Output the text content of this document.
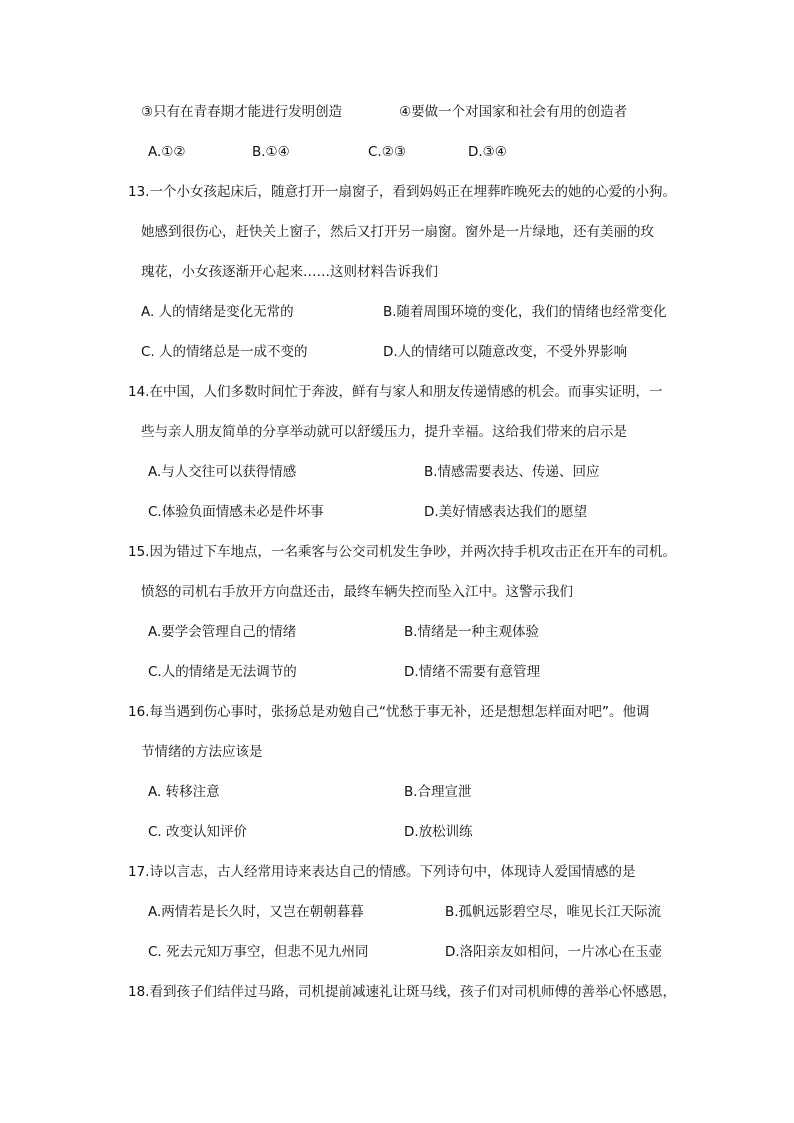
③只有在青春期才能进行发明创造	④要做一个对国家和社会有用的创造者
A.①②	B.①④	C.②③	D.③④
13.一个小女孩起床后，随意打开一扇窗子，看到妈妈正在埋葬昨晚死去的她的心爱的小狗。
她感到很伤心，赶快关上窗子，然后又打开另一扇窗。窗外是一片绿地，还有美丽的玫
瑰花，小女孩逐渐开心起来……这则材料告诉我们
A. 人的情绪是变化无常的	B.随着周围环境的变化，我们的情绪也经常变化
C. 人的情绪总是一成不变的	D.人的情绪可以随意改变，不受外界影响
14.在中国，人们多数时间忙于奔波，鲜有与家人和朋友传递情感的机会。而事实证明，一
些与亲人朋友简单的分享举动就可以舒缓压力，提升幸福。这给我们带来的启示是
A.与人交往可以获得情感	B.情感需要表达、传递、回应
C.体验负面情感未必是件坏事	D.美好情感表达我们的愿望
15.因为错过下车地点，一名乘客与公交司机发生争吵，并两次持手机攻击正在开车的司机。
愤怒的司机右手放开方向盘还击，最终车辆失控而坠入江中。这警示我们
A.要学会管理自己的情绪	B.情绪是一种主观体验
C.人的情绪是无法调节的	D.情绪不需要有意管理
16.每当遇到伤心事时，张扬总是劝勉自己“忧愁于事无补，还是想想怎样面对吧”。他调
节情绪的方法应该是
A. 转移注意	B.合理宣泄
C. 改变认知评价	D.放松训练
17.诗以言志，古人经常用诗来表达自己的情感。下列诗句中，体现诗人爱国情感的是
A.两情若是长久时，又岂在朝朝暮暮	B.孤帆远影碧空尽，唯见长江天际流
C. 死去元知万事空，但悲不见九州同	D.洛阳亲友如相问，一片冰心在玉壶
18.看到孩子们结伴过马路，司机提前减速礼让斑马线，孩子们对司机师傅的善举心怀感恩，
